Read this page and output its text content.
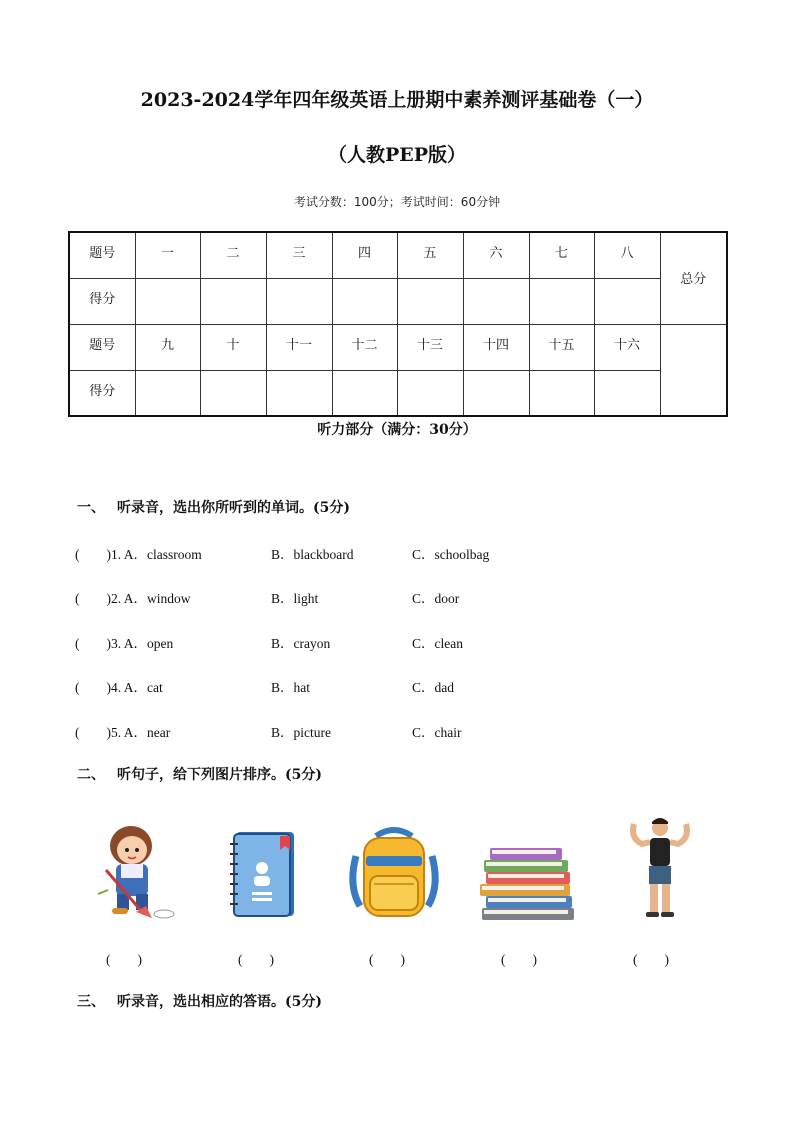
2023-2024学年四年级英语上册期中素养测评基础卷（一）
（人教PEP版）
考试分数：100分；考试时间：60分钟
题号	一	二	三	四	五	六	七	八	总分
得分									
题号	九	十	十一	十二	十三	十四	十五	十六	
得分									
听力部分（满分：30分）
一、 听录音，选出你所听到的单词。(5分)
(　　)1. A．classroom	B．blackboard	C．schoolbag
(　　)2. A．window	B．light	C．door
(　　)3. A．open	B．crayon	C．clean
(　　)4. A．cat	B．hat	C．dad
(　　)5. A．near	B．picture	C．chair
二、 听句子，给下列图片排序。(5分)
(　　)	(　　)	(　　)	(　　)	(　　)
三、 听录音，选出相应的答语。(5分)
